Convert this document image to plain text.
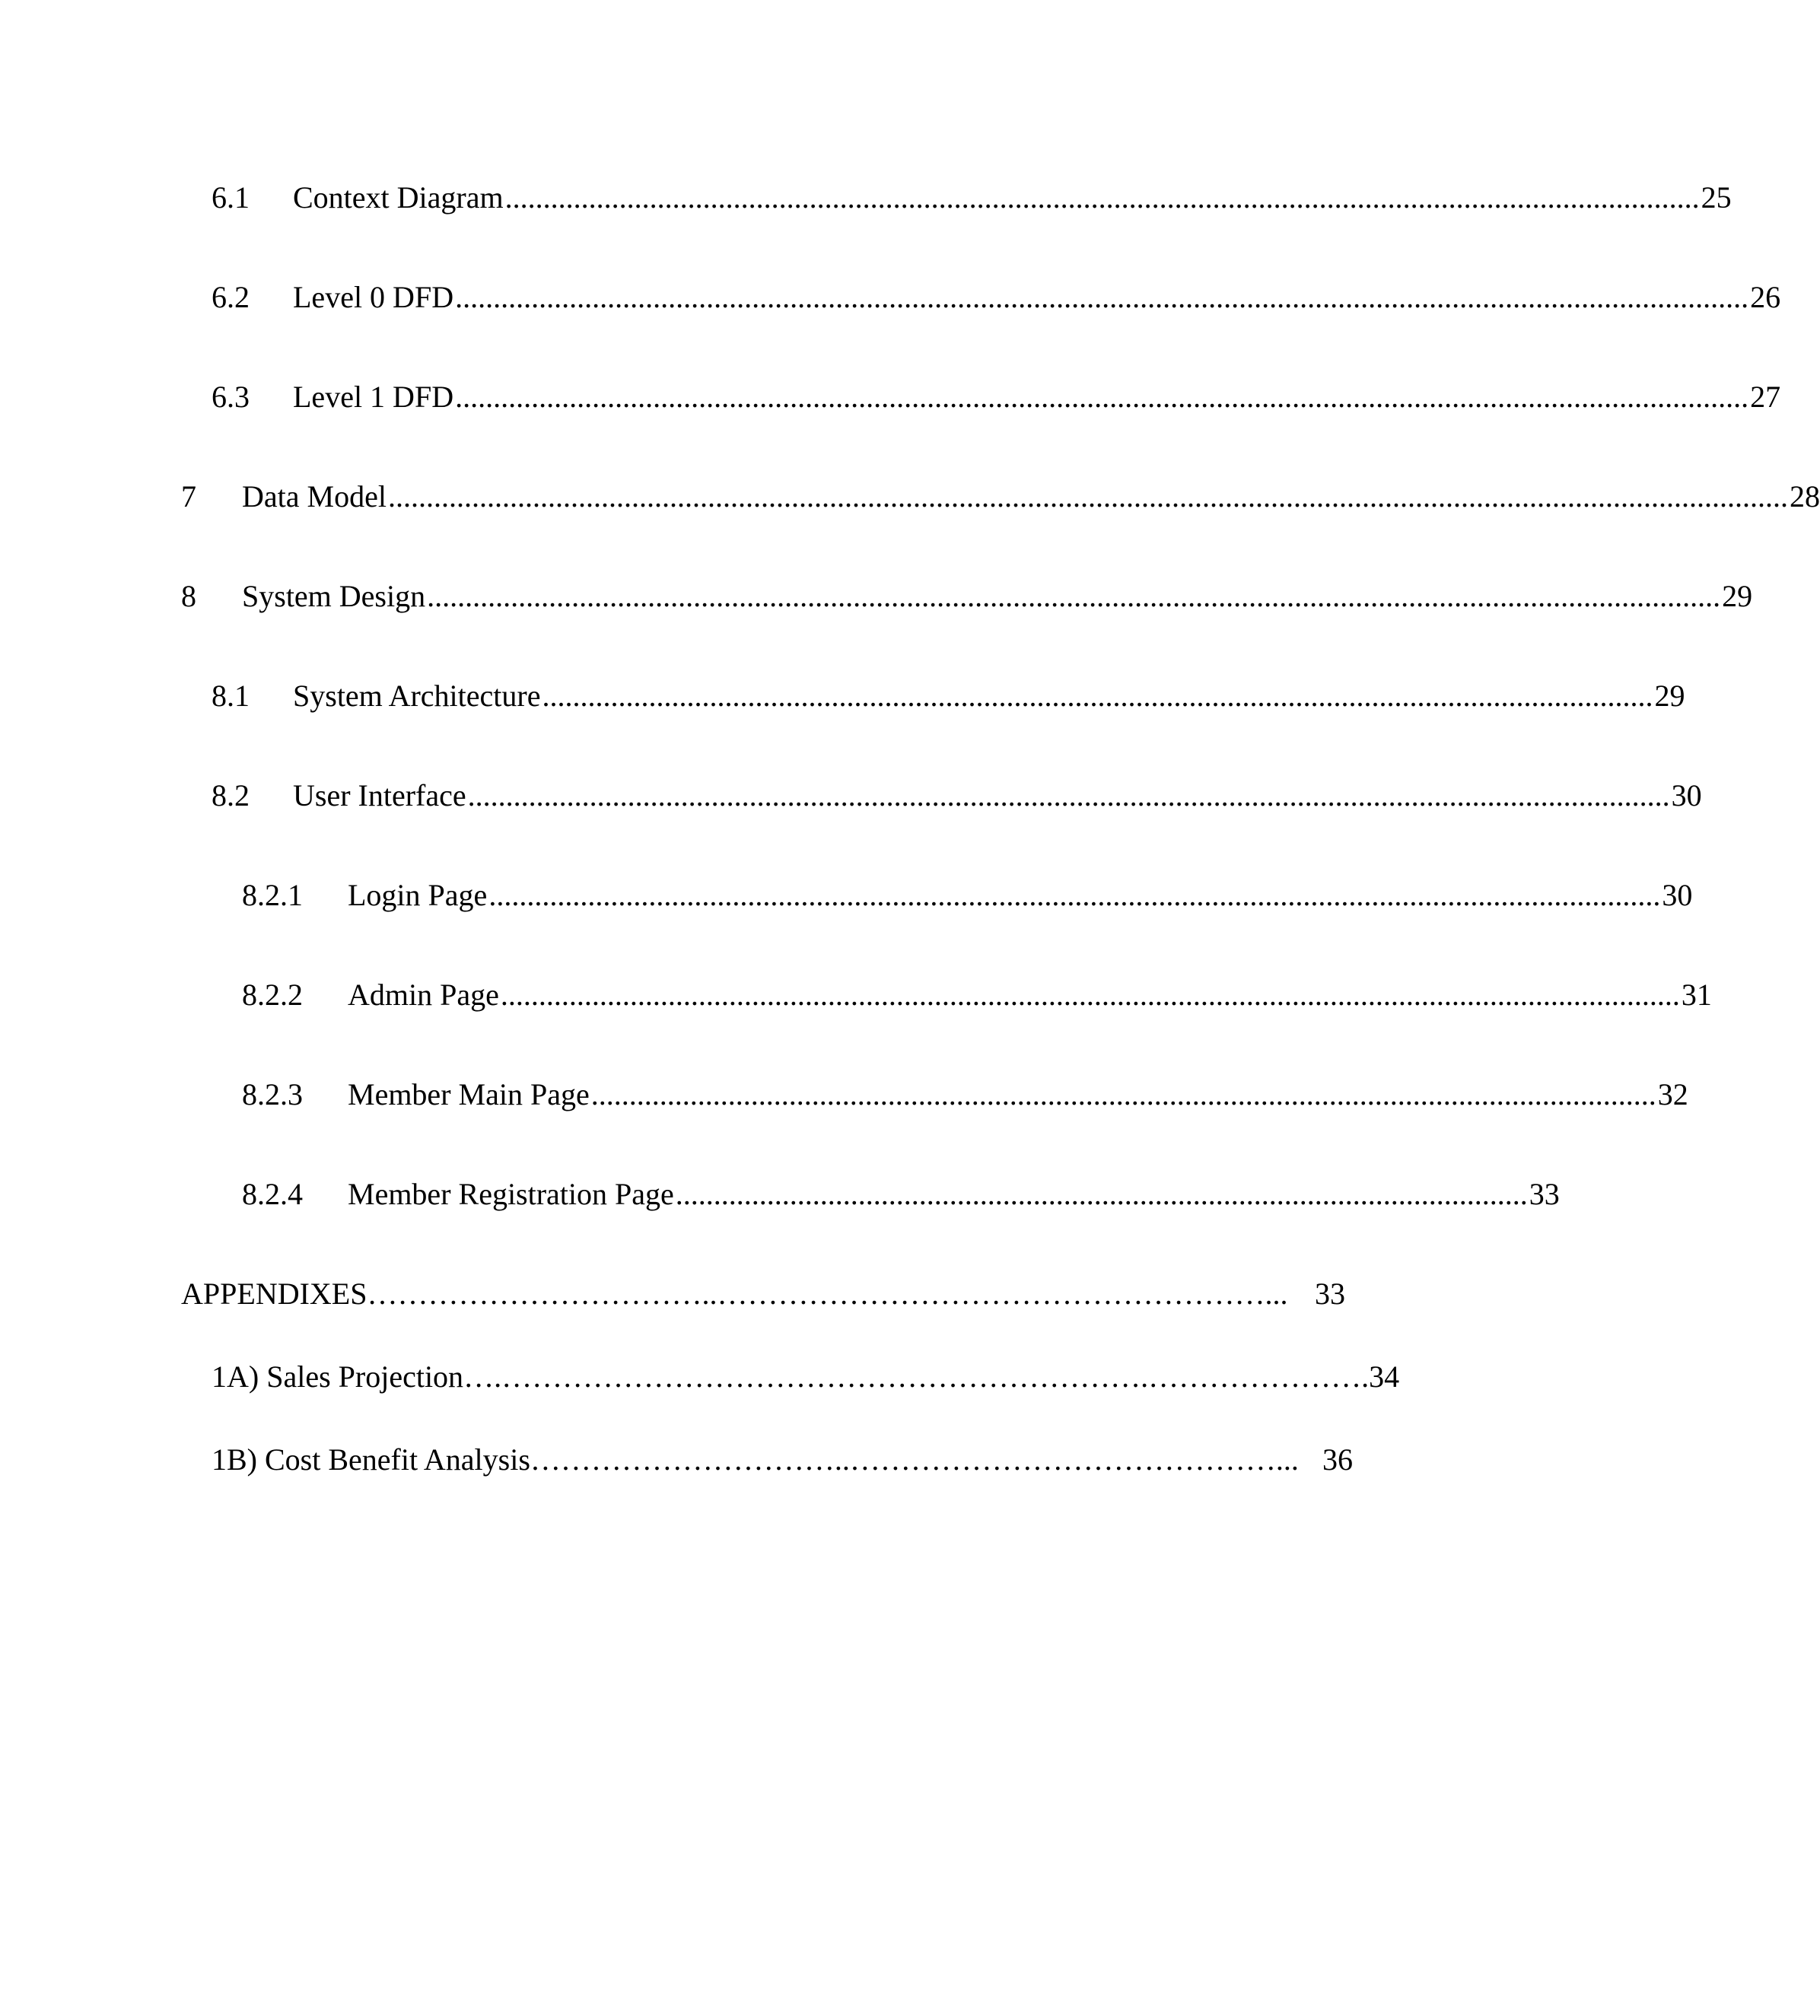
6.1	Context Diagram ............................................................................................................................................................. 25
6.2	Level 0 DFD .......................................................................................................................................................................... 26
6.3	Level 1 DFD .......................................................................................................................................................................... 27
7	Data Model ........................................................................................................................................................................................ 28
8	System Design .......................................................................................................................................................................... 29
8.1	System Architecture .................................................................................................................................................. 29
8.2	User Interface .............................................................................................................................................................. 30
8.2.1	Login Page .......................................................................................................................................................... 30
8.2.2	Admin Page ........................................................................................................................................................... 31
8.2.3	Member Main Page ............................................................................................................................................ 32
8.2.4	Member Registration Page ................................................................................................................ 33
APPENDIXES ……………………………..………………………………………………... 33
1A) Sales Projection ….……………………………………………………….…………………. 34
1B) Cost Benefit Analysis …………………………..……………………………………... 36
